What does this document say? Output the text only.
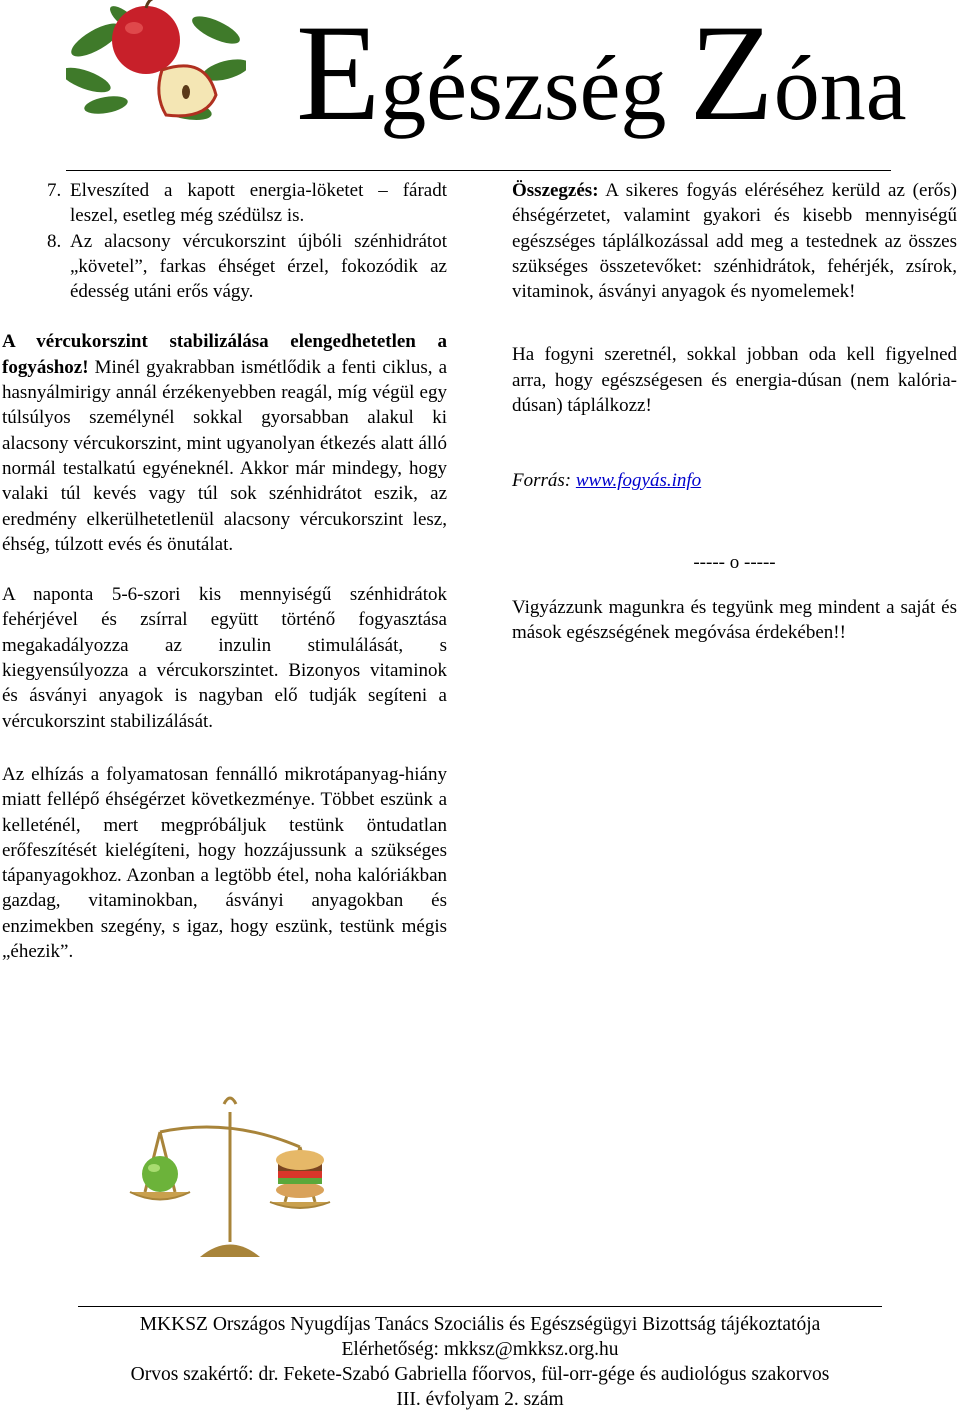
Egészség Zóna
7. Elveszíted a kapott energia-löketet – fáradt leszel, esetleg még szédülsz is.
8. Az alacsony vércukorszint újbóli szénhidrátot „követel”, farkas éhséget érzel, fokozódik az édesség utáni erős vágy.

A vércukorszint stabilizálása elengedhetetlen a fogyáshoz! Minél gyakrabban ismétlődik a fenti ciklus, a hasnyálmirigy annál érzékenyebben reagál, míg végül egy túlsúlyos személynél sokkal gyorsabban alakul ki alacsony vércukorszint, mint ugyanolyan étkezés alatt álló normál testalkatú egyéneknél. Akkor már mindegy, hogy valaki túl kevés vagy túl sok szénhidrátot eszik, az eredmény elkerülhetetlenül alacsony vércukorszint lesz, éhség, túlzott evés és önutálat.

A naponta 5-6-szori kis mennyiségű szénhidrátok fehérjével és zsírral együtt történő fogyasztása megakadályozza az inzulin stimulálását, s kiegyensúlyozza a vércukorszintet. Bizonyos vitaminok és ásványi anyagok is nagyban elő tudják segíteni a vércukorszint stabilizálását.

Az elhízás a folyamatosan fennálló mikrotápanyag-hiány miatt fellépő éhségérzet következménye. Többet eszünk a kelleténél, mert megpróbáljuk testünk öntudatlan erőfeszítését kielégíteni, hogy hozzájussunk a szükséges tápanyagokhoz. Azonban a legtöbb étel, noha kalóriákban gazdag, vitaminokban, ásványi anyagokban és enzimekben szegény, s igaz, hogy eszünk, testünk mégis „éhezik”.

Összegzés: A sikeres fogyás eléréséhez kerüld az (erős) éhségérzetet, valamint gyakori és kisebb mennyiségű egészséges táplálkozással add meg a testednek az összes szükséges összetevőket: szénhidrátok, fehérjék, zsírok, vitaminok, ásványi anyagok és nyomelemek!

Ha fogyni szeretnél, sokkal jobban oda kell figyelned arra, hogy egészségesen és energia-dúsan (nem kalória-dúsan) táplálkozz!

Forrás: www.fogyás.info

----- o -----

Vigyázzunk magunkra és tegyünk meg mindent a saját és mások egészségének megóvása érdekében!!

MKKSZ Országos Nyugdíjas Tanács Szociális és Egészségügyi Bizottság tájékoztatója
Elérhetőség: mkksz@mkksz.org.hu
Orvos szakértő: dr. Fekete-Szabó Gabriella főorvos, fül-orr-gége és audiológus szakorvos
III. évfolyam 2. szám
